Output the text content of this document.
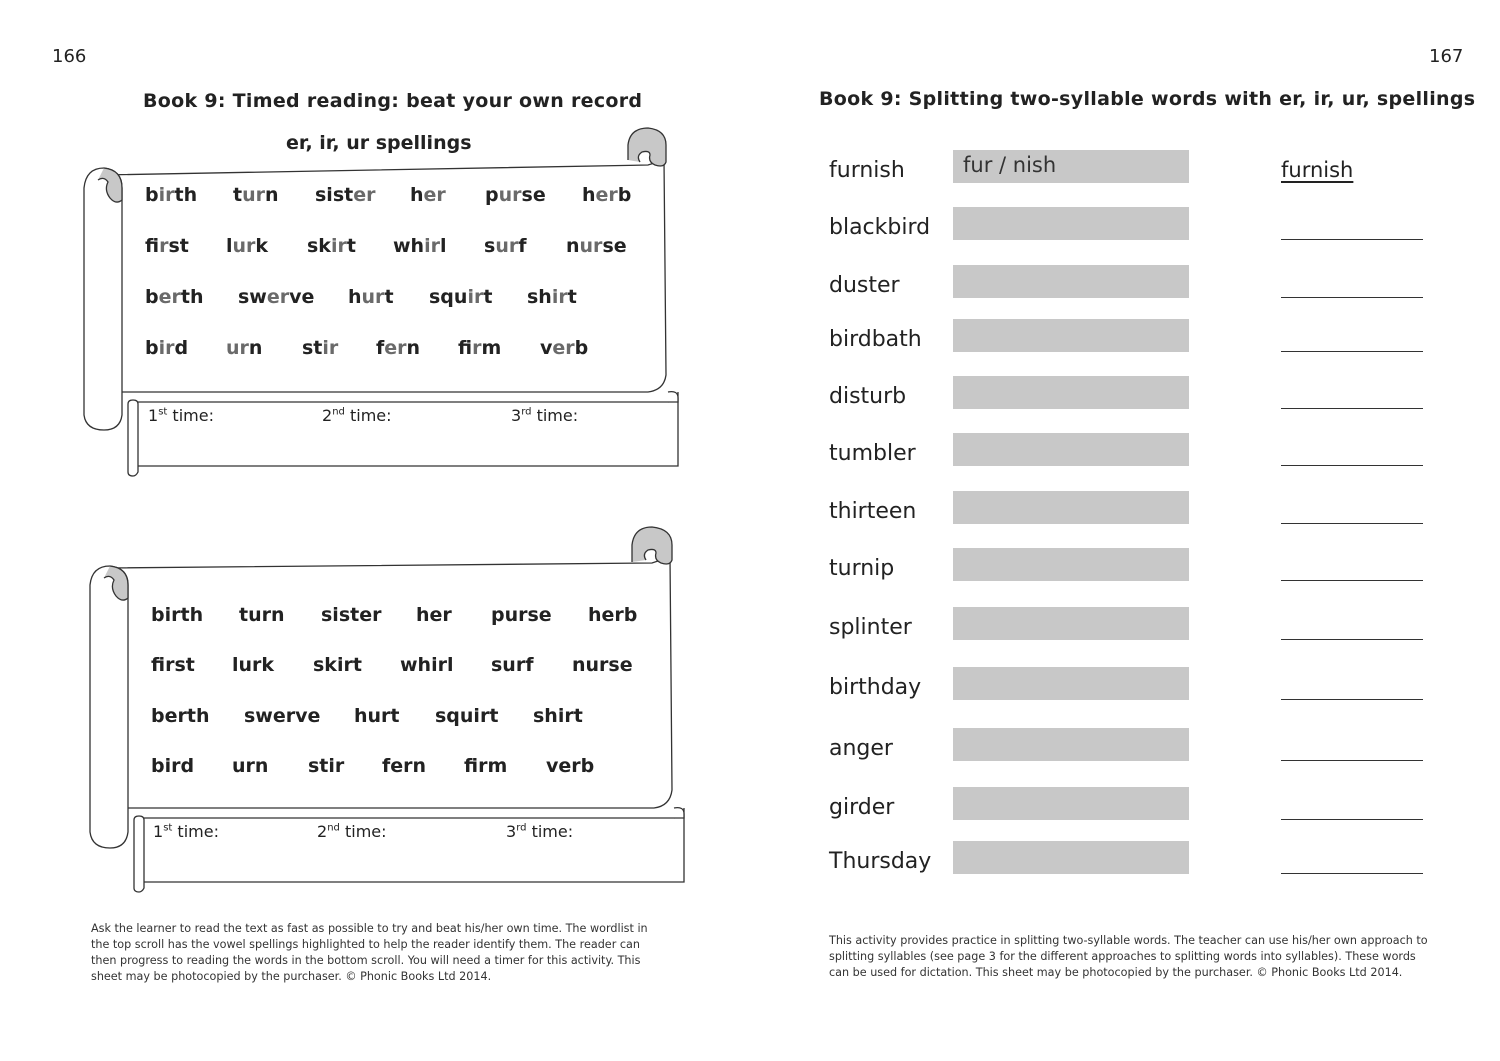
166
Book 9: Timed reading: beat your own record
er, ir, ur spellings
birth turn sister her purse herb
first lurk skirt whirl surf nurse
berth swerve hurt squirt shirt
bird urn stir fern firm verb
birth turn sister her purse herb
first lurk skirt whirl surf nurse
berth swerve hurt squirt shirt
bird urn stir fern firm verb
1st time:	2nd time:	3rd time:
1st time:	2nd time:	3rd time:
Ask the learner to read the text as fast as possible to try and beat his/her own time. The wordlist in the top scroll has the vowel spellings highlighted to help the reader identify them. The reader can then progress to reading the words in the bottom scroll. You will need a timer for this activity. This sheet may be photocopied by the purchaser. © Phonic Books Ltd 2014.
167
Book 9: Splitting two-syllable words with er, ir, ur, spellings
furnish	fur / nish	furnish
blackbird
duster
birdbath
disturb
tumbler
thirteen
turnip
splinter
birthday
anger
girder
Thursday
This activity provides practice in splitting two-syllable words. The teacher can use his/her own approach to splitting syllables (see page 3 for the different approaches to splitting words into syllables). These words can be used for dictation. This sheet may be photocopied by the purchaser. © Phonic Books Ltd 2014.
